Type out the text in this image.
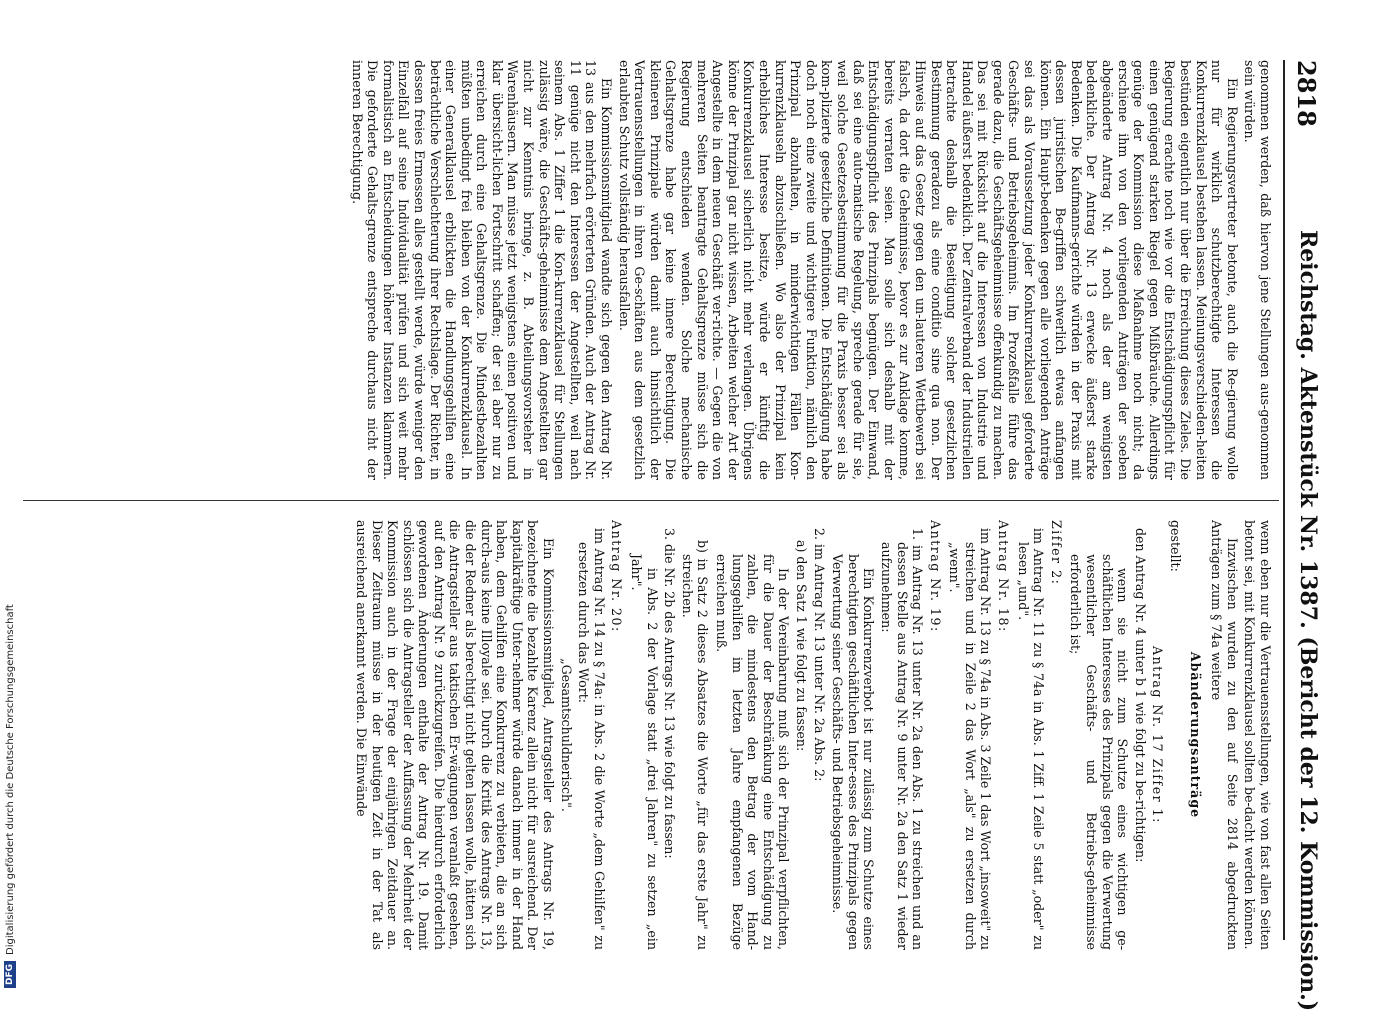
2818
Reichstag. Aktenstück Nr. 1387. (Bericht der 12. Kommission.)

genommen werden, daß hiervon jene Stellungen aus-genommen sein würden.

Ein Regierungsvertreter betonte, auch die Re-gierung wolle nur für wirklich schutzberechtigte Interessen die Konkurrenzklausel bestehen lassen. Meinungsverschieden-heiten bestünden eigentlich nur über die Erreichung dieses Zieles. Die Regierung erachte noch wie vor die Entschädigungspflicht für einen genügend starken Riegel gegen Mißbräuche. Allerdings genüge der Kommission diese Maßnahme noch nicht; da erschiene ihm von den vorliegenden Anträgen der soeben abgeänderte Antrag Nr. 4 noch als der am wenigsten bedenkliche. Der Antrag Nr. 13 erwecke äußerst starke Bedenken. Die Kaufmanns-gerichte würden in der Praxis mit dessen juristischen Be-griffen schwerlich etwas anfangen können. Ein Haupt-bedenken gegen alle vorliegenden Anträge sei das als Voraussetzung jeder Konkurrenzklausel geforderte Geschäfts- und Betriebsgeheimnis. Im Prozeßfalle führe das gerade dazu, die Geschäftsgeheimnisse offenkundig zu machen. Das sei mit Rücksicht auf die Interessen von Industrie und Handel äußerst bedenklich. Der Zentralverband der Industriellen betrachte deshalb die Beseitigung solcher gesetzlichen Bestimmung geradezu als eine conditio sine qua non. Der Hinweis auf das Gesetz gegen den un-lauteren Wettbewerb sei falsch, da dort die Geheimnisse, bevor es zur Anklage komme, bereits verraten seien. Man solle sich deshalb mit der Entschädigungspflicht des Prinzipals begnügen. Der Einwand, daß sei eine auto-matische Regelung, spreche gerade für sie, weil solche Gesetzesbestimmung für die Praxis besser sei als kom-plizierte gesetzliche Definitionen. Die Entschädigung habe doch noch eine zweite und wichtigere Funktion, nämlich den Prinzipal abzuhalten, in minderwichtigen Fällen Kon-kurrenzklauseln abzuschließen. Wo also der Prinzipal kein erhebliches Interesse besitze, würde er künftig die Konkurrenzklausel sicherlich nicht mehr verlangen. Übrigens könne der Prinzipal gar nicht wissen, Arbeiten welcher Art der Angestellte in dem neuen Geschäft ver-richte. — Gegen die von mehreren Seiten beantragte Gehaltsgrenze müsse sich die Regierung entschieden wenden. Solche mechanische Gehaltsgrenze habe gar keine innere Berechtigung. Die kleineren Prinzipale würden damit auch hinsichtlich der Vertrauensstellungen in ihren Ge-schäften aus dem gesetzlich erlaubten Schutz vollständig herausfallen.

Ein Kommissionsmitglied wandte sich gegen den Antrag Nr. 13 aus den mehrfach erörterten Gründen. Auch der Antrag Nr. 11 genüge nicht den Interessen der Angestellten, weil nach seinem Abs. 1 Ziffer 1 die Kon-kurrenzklausel für Stellungen zulässig wäre, die Geschäfts-geheimnisse dem Angestellten gar nicht zur Kenntnis bringe, z. B. Abteilungsvorsteher in Warenhäusern. Man müsse jetzt wenigstens einen positiven und klar übersicht-lichen Fortschritt schaffen; der sei aber nur zu erreichen durch eine Gehaltsgrenze. Die Mindestbezahlten müßten unbedingt frei bleiben von der Konkurrenzklausel. In einer Generalklausel erblickten die Handlungsgehilfen eine beträchtliche Verschlechterung ihrer Rechtslage. Der Richter, in dessen freies Ermessen alles gestellt werde, würde weniger den Einzelfall auf seine Individualität prüfen und sich weit mehr formalistisch an Entscheidungen höherer Instanzen klammern. Die geforderte Gehalts-grenze entspreche durchaus nicht der inneren Berechtigung.

wenn eben nur die Vertrauensstellungen, wie von fast allen Seiten betont sei, mit Konkurrenzklausel sollten be-dacht werden können.

Inzwischen wurden zu den auf Seite 2814 abgedruckten Anträgen zum § 74a weitere

Abänderungsanträge

gestellt:

Antrag Nr. 17 Ziffer 1:

den Antrag Nr. 4 unter b 1 wie folgt zu be-richtigen:

wenn sie nicht zum Schutze eines wichtigen ge-schäftlichen Interesses des Prinzipals gegen die Verwertung wesentlicher Geschäfts- und Betriebs-geheimnisse erforderlich ist;

Ziffer 2:

im Antrag Nr. 11 zu § 74a in Abs. 1 Ziff. 1 Zeile 5 statt „oder" zu lesen „und".

Antrag Nr. 18:

im Antrag Nr. 13 zu § 74a in Abs. 3 Zeile 1 das Wort „insoweit" zu streichen und in Zeile 2 das Wort „als" zu ersetzen durch „wenn".

Antrag Nr. 19:

1. im Antrag Nr. 13 unter Nr. 2a den Abs. 1 zu streichen und an dessen Stelle aus Antrag Nr. 9 unter Nr. 2a den Satz 1 wieder aufzunehmen:

Ein Konkurrenzverbot ist nur zulässig zum Schutze eines berechtigten geschäftlichen Inter-esses des Prinzipals gegen Verwertung seiner Geschäfts- und Betriebsgeheimnisse.

2. im Antrag Nr. 13 unter Nr. 2a Abs. 2:

a) den Satz 1 wie folgt zu fassen:

In der Vereinbarung muß sich der Prinzipal verpflichten, für die Dauer der Beschränkung eine Entschädigung zu zahlen, die mindestens den Betrag der vom Hand-lungsgehilfen im letzten Jahre empfangenen Bezüge erreichen muß.

b) in Satz 2 dieses Absatzes die Worte „für das erste Jahr" zu streichen.

3. die Nr. 2b des Antrags Nr. 13 wie folgt zu fassen:

in Abs. 2 der Vorlage statt „drei Jahren" zu setzen „ein Jahr".

Antrag Nr. 20:

im Antrag Nr. 14 zu § 74a: in Abs. 2 die Worte „dem Gehilfen" zu ersetzen durch das Wort:

„Gesamtschuldnerisch".

Ein Kommissionsmitglied, Antragsteller des Antrags Nr. 19, bezeichnete die bezahlte Karenz allein nicht für ausreichend. Der kapitalkräftige Unter-nehmer würde danach immer in der Hand haben, dem Gehilfen eine Konkurrenz zu verbieten, die an sich durch-aus keine Illoyale sei. Durch die Kritik des Antrags Nr. 13, die der Redner als berechtigt nicht gelten lassen wolle, hätten sich die Antragsteller aus taktischen Er-wägungen veranlaßt gesehen, auf den Antrag Nr. 9 zurückzugreifen. Die hierdurch erforderlich gewordenen Änderungen enthalte der Antrag Nr. 19. Damit schlössen sich die Antragsteller der Auffassung der Mehrheit der Kommission auch in der Frage der einjährigen Zeitdauer an. Dieser Zeitraum müsse in der heutigen Zeit in der Tat als ausreichend anerkannt werden. Die Einwände

DFG
Digitalisierung gefördert durch die Deutsche Forschungsgemeinschaft
